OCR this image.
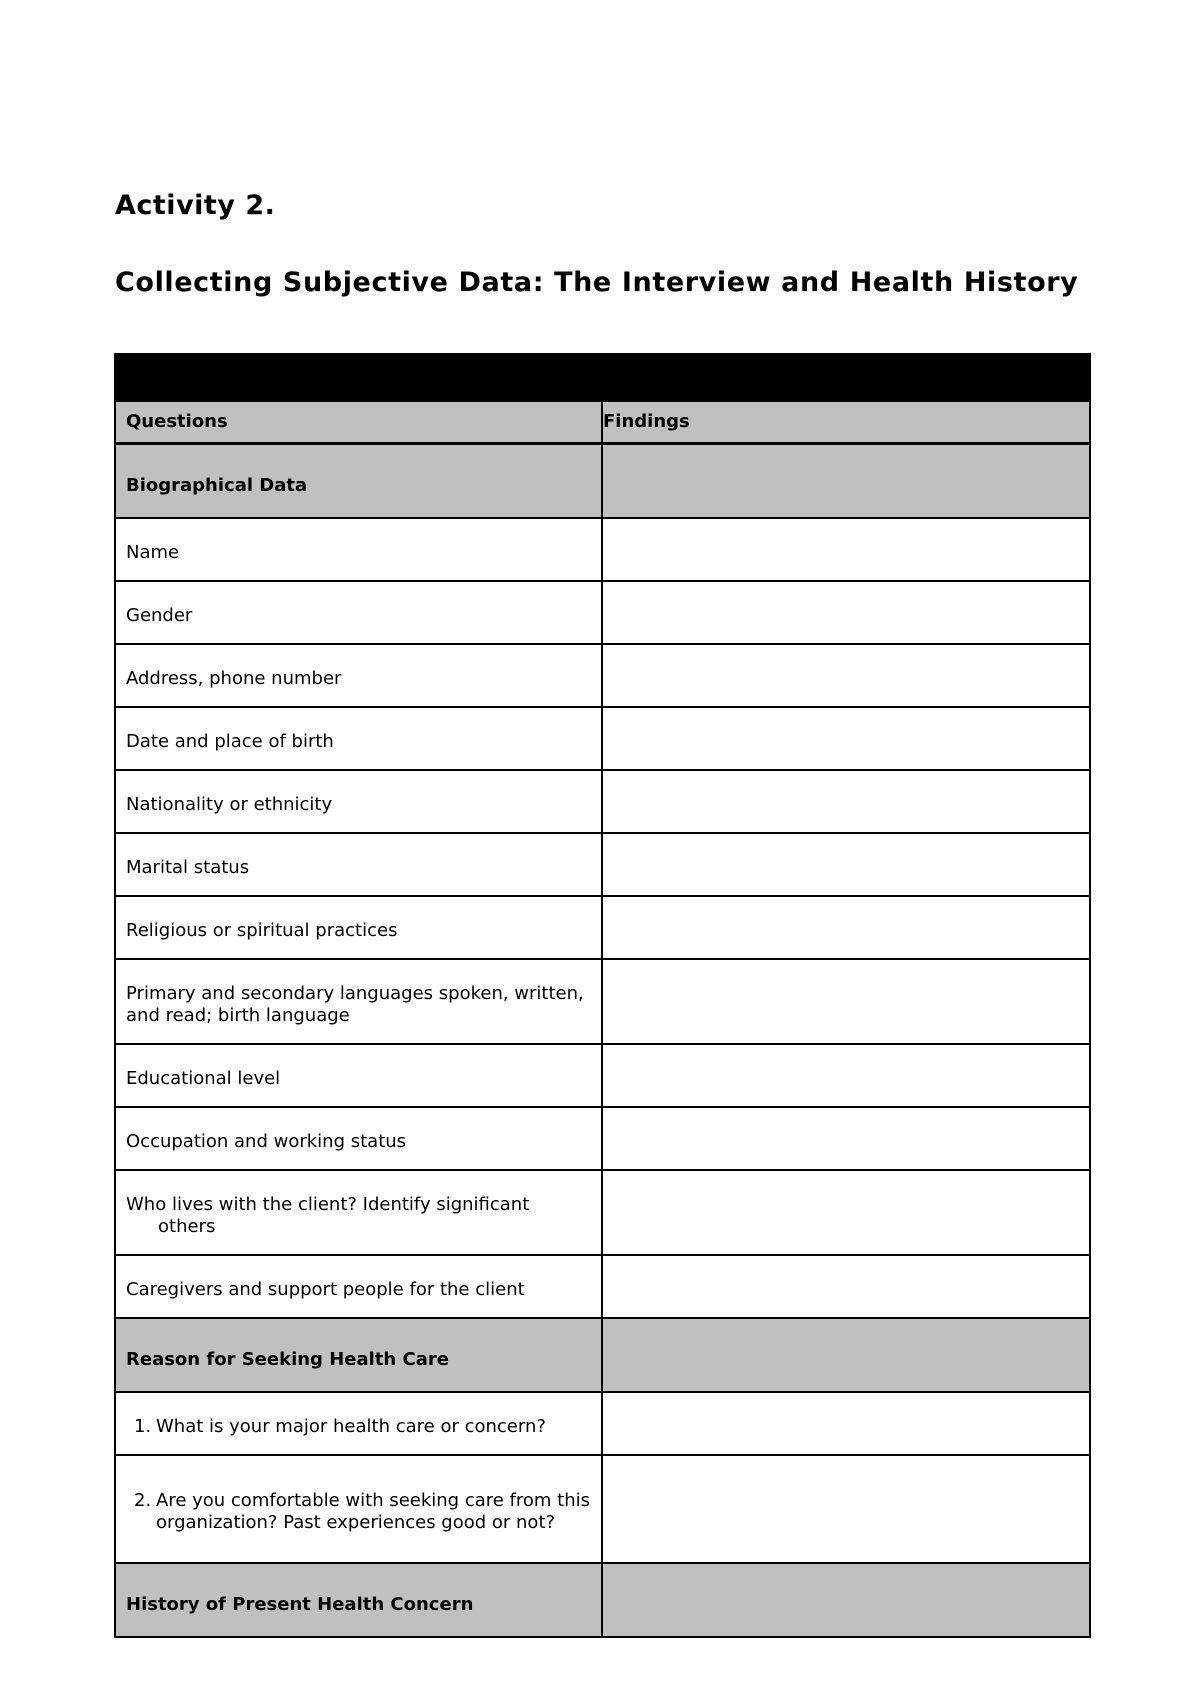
Activity 2.
Collecting Subjective Data: The Interview and Health History

Questions	Findings
Biographical Data	
Name	
Gender	
Address, phone number	
Date and place of birth	
Nationality or ethnicity	
Marital status	
Religious or spiritual practices	
Primary and secondary languages spoken, written, and read; birth language	
Educational level	
Occupation and working status	

Who lives with the client? Identify significant others	

Caregivers and support people for the client	
Reason for Seeking Health Care	

1. What is your major health care or concern?	

2. Are you comfortable with seeking care from this organization? Past experiences good or not?	

History of Present Health Concern	
